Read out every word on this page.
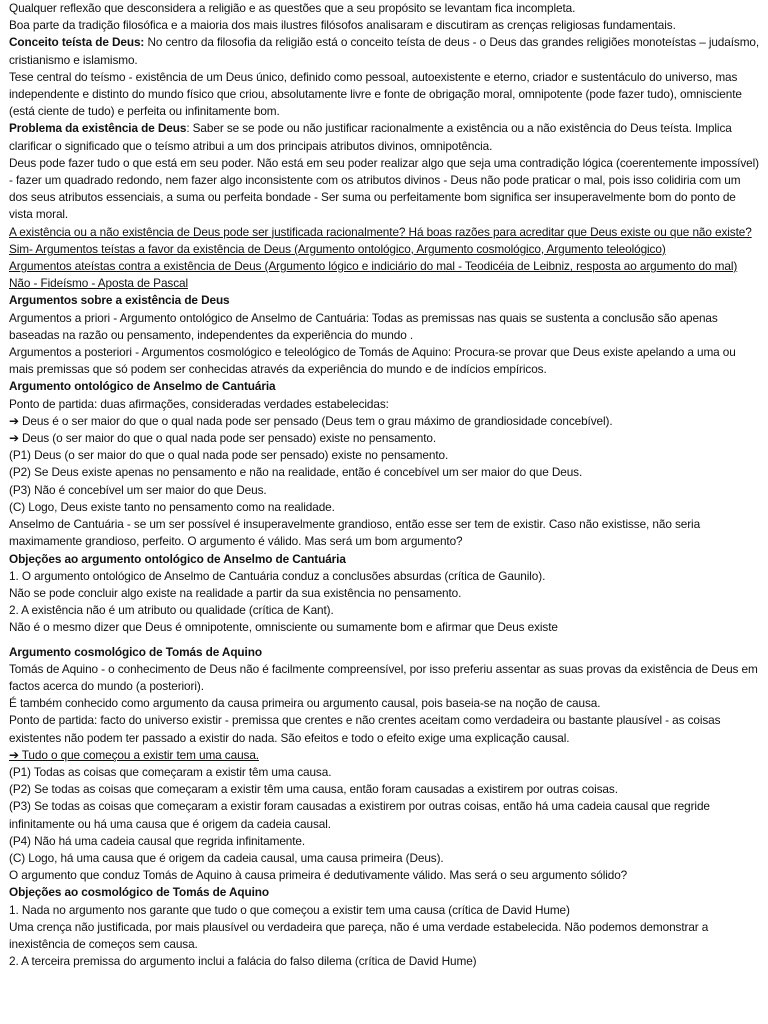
Qualquer reflexão que desconsidera a religião e as questões que a seu propósito se levantam fica incompleta.

Boa parte da tradição filosófica e a maioria dos mais ilustres filósofos analisaram e discutiram as crenças religiosas fundamentais.

Conceito teísta de Deus: No centro da filosofia da religião está o conceito teísta de deus - o Deus das grandes religiões monoteístas – judaísmo, cristianismo e islamismo.

Tese central do teísmo - existência de um Deus único, definido como pessoal, autoexistente e eterno, criador e sustentáculo do universo, mas independente e distinto do mundo físico que criou, absolutamente livre e fonte de obrigação moral, omnipotente (pode fazer tudo), omnisciente (está ciente de tudo) e perfeita ou infinitamente bom.

Problema da existência de Deus: Saber se se pode ou não justificar racionalmente a existência ou a não existência do Deus teísta. Implica clarificar o significado que o teísmo atribui a um dos principais atributos divinos, omnipotência.

Deus pode fazer tudo o que está em seu poder. Não está em seu poder realizar algo que seja uma contradição lógica (coerentemente impossível) - fazer um quadrado redondo, nem fazer algo inconsistente com os atributos divinos - Deus não pode praticar o mal, pois isso colidiria com um dos seus atributos essenciais, a suma ou perfeita bondade - Ser suma ou perfeitamente bom significa ser insuperavelmente bom do ponto de vista moral.

A existência ou a não existência de Deus pode ser justificada racionalmente? Há boas razões para acreditar que Deus existe ou que não existe?

Sim- Argumentos teístas a favor da existência de Deus (Argumento ontológico, Argumento cosmológico, Argumento teleológico)

Argumentos ateístas contra a existência de Deus (Argumento lógico e indiciário do mal - Teodicéia de Leibniz, resposta ao argumento do mal)

Não - Fideísmo - Aposta de Pascal

Argumentos sobre a existência de Deus

Argumentos a priori - Argumento ontológico de Anselmo de Cantuária: Todas as premissas nas quais se sustenta a conclusão são apenas baseadas na razão ou pensamento, independentes da experiência do mundo .

Argumentos a posteriori - Argumentos cosmológico e teleológico de Tomás de Aquino: Procura-se provar que Deus existe apelando a uma ou mais premissas que só podem ser conhecidas através da experiência do mundo e de indícios empíricos.

Argumento ontológico de Anselmo de Cantuária

Ponto de partida: duas afirmações, consideradas verdades estabelecidas:

➔ Deus é o ser maior do que o qual nada pode ser pensado (Deus tem o grau máximo de grandiosidade concebível).

➔ Deus (o ser maior do que o qual nada pode ser pensado) existe no pensamento.

(P1) Deus (o ser maior do que o qual nada pode ser pensado) existe no pensamento.

(P2) Se Deus existe apenas no pensamento e não na realidade, então é concebível um ser maior do que Deus.

(P3) Não é concebível um ser maior do que Deus.

(C) Logo, Deus existe tanto no pensamento como na realidade.

Anselmo de Cantuária - se um ser possível é insuperavelmente grandioso, então esse ser tem de existir. Caso não existisse, não seria maximamente grandioso, perfeito. O argumento é válido. Mas será um bom argumento?

Objeções ao argumento ontológico de Anselmo de Cantuária

1. O argumento ontológico de Anselmo de Cantuária conduz a conclusões absurdas (crítica de Gaunilo).

Não se pode concluir algo existe na realidade a partir da sua existência no pensamento.

2. A existência não é um atributo ou qualidade (crítica de Kant).

Não é o mesmo dizer que Deus é omnipotente, omnisciente ou sumamente bom e afirmar que Deus existe

Argumento cosmológico de Tomás de Aquino

Tomás de Aquino - o conhecimento de Deus não é facilmente compreensível, por isso preferiu assentar as suas provas da existência de Deus em factos acerca do mundo (a posteriori).

É também conhecido como argumento da causa primeira ou argumento causal, pois baseia-se na noção de causa.

Ponto de partida: facto do universo existir - premissa que crentes e não crentes aceitam como verdadeira ou bastante plausível - as coisas existentes não podem ter passado a existir do nada. São efeitos e todo o efeito exige uma explicação causal.

➔ Tudo o que começou a existir tem uma causa.

(P1) Todas as coisas que começaram a existir têm uma causa.

(P2) Se todas as coisas que começaram a existir têm uma causa, então foram causadas a existirem por outras coisas.

(P3) Se todas as coisas que começaram a existir foram causadas a existirem por outras coisas, então há uma cadeia causal que regride infinitamente ou há uma causa que é origem da cadeia causal.

(P4) Não há uma cadeia causal que regrida infinitamente.

(C) Logo, há uma causa que é origem da cadeia causal, uma causa primeira (Deus).

O argumento que conduz Tomás de Aquino à causa primeira é dedutivamente válido. Mas será o seu argumento sólido?

Objeções ao cosmológico de Tomás de Aquino

1. Nada no argumento nos garante que tudo o que começou a existir tem uma causa (crítica de David Hume)

Uma crença não justificada, por mais plausível ou verdadeira que pareça, não é uma verdade estabelecida. Não podemos demonstrar a inexistência de começos sem causa.

2. A terceira premissa do argumento inclui a falácia do falso dilema (crítica de David Hume)
